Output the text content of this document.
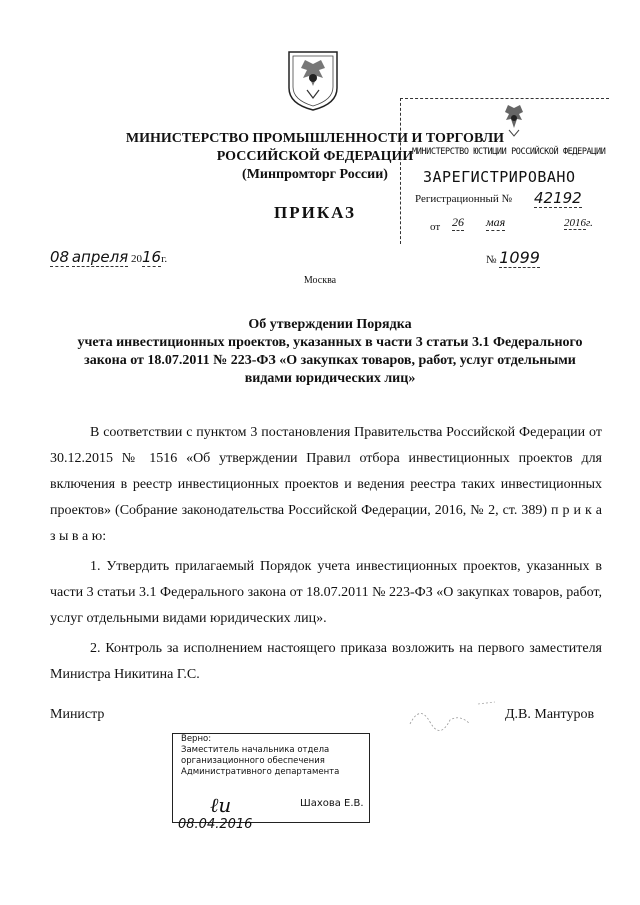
МИНИСТЕРСТВО ПРОМЫШЛЕННОСТИ И ТОРГОВЛИ
РОССИЙСКОЙ ФЕДЕРАЦИИ
(Минпромторг России)
ПРИКАЗ
МИНИСТЕРСТВО ЮСТИЦИИ РОССИЙСКОЙ ФЕДЕРАЦИИ
ЗАРЕГИСТРИРОВАНО
Регистрационный № 42192
от 26 мая	2016г.
08 апреля 2016г.	№ 1099
Москва
Об утверждении Порядка
учета инвестиционных проектов, указанных в части 3 статьи 3.1 Федерального
закона от 18.07.2011 № 223-ФЗ «О закупках товаров, работ, услуг отдельными
видами юридических лиц»

В соответствии с пунктом 3 постановления Правительства Российской Федерации от 30.12.2015 № 1516 «Об утверждении Правил отбора инвестиционных проектов для включения в реестр инвестиционных проектов и ведения реестра таких инвестиционных проектов» (Собрание законодательства Российской Федерации, 2016, № 2, ст. 389) п р и к а з ы в а ю:

1. Утвердить прилагаемый Порядок учета инвестиционных проектов, указанных в части 3 статьи 3.1 Федерального закона от 18.07.2011 № 223-ФЗ «О закупках товаров, работ, услуг отдельными видами юридических лиц».

2. Контроль за исполнением настоящего приказа возложить на первого заместителя Министра Никитина Г.С.

Министр	Д.В. Мантуров
Верно:
Заместитель начальника отдела
организационного обеспечения
Административного департамента
ℓи	Шахова Е.В.
08.04.2016
